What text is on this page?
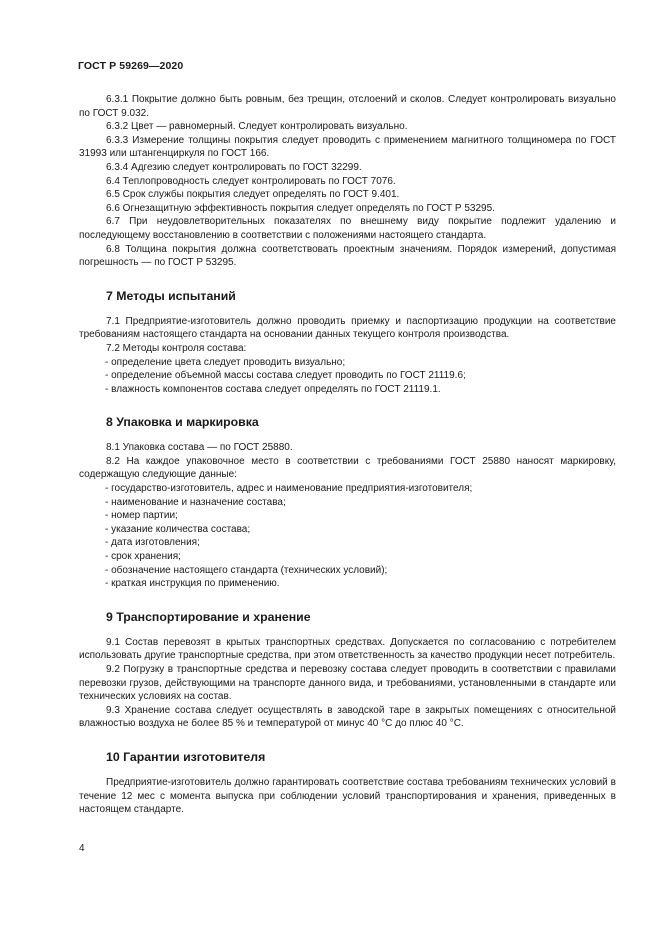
ГОСТ Р 59269—2020

6.3.1 Покрытие должно быть ровным, без трещин, отслоений и сколов. Следует контролировать визуально по ГОСТ 9.032.

6.3.2 Цвет — равномерный. Следует контролировать визуально.

6.3.3 Измерение толщины покрытия следует проводить с применением магнитного толщиномера по ГОСТ 31993 или штангенциркуля по ГОСТ 166.

6.3.4 Адгезию следует контролировать по ГОСТ 32299.

6.4 Теплопроводность следует контролировать по ГОСТ 7076.

6.5 Срок службы покрытия следует определять по ГОСТ 9.401.

6.6 Огнезащитную эффективность покрытия следует определять по ГОСТ Р 53295.

6.7 При неудовлетворительных показателях по внешнему виду покрытие подлежит удалению и последующему восстановлению в соответствии с положениями настоящего стандарта.

6.8 Толщина покрытия должна соответствовать проектным значениям. Порядок измерений, допустимая погрешность — по ГОСТ Р 53295.

7 Методы испытаний

7.1 Предприятие-изготовитель должно проводить приемку и паспортизацию продукции на соответствие требованиям настоящего стандарта на основании данных текущего контроля производства.

7.2 Методы контроля состава:

- определение цвета следует проводить визуально;

- определение объемной массы состава следует проводить по ГОСТ 21119.6;

- влажность компонентов состава следует определять по ГОСТ 21119.1.

8 Упаковка и маркировка

8.1 Упаковка состава — по ГОСТ 25880.

8.2 На каждое упаковочное место в соответствии с требованиями ГОСТ 25880 наносят маркировку, содержащую следующие данные:

- государство-изготовитель, адрес и наименование предприятия-изготовителя;

- наименование и назначение состава;

- номер партии;

- указание количества состава;

- дата изготовления;

- срок хранения;

- обозначение настоящего стандарта (технических условий);

- краткая инструкция по применению.

9 Транспортирование и хранение

9.1 Состав перевозят в крытых транспортных средствах. Допускается по согласованию с потребителем использовать другие транспортные средства, при этом ответственность за качество продукции несет потребитель.

9.2 Погрузку в транспортные средства и перевозку состава следует проводить в соответствии с правилами перевозки грузов, действующими на транспорте данного вида, и требованиями, установленными в стандарте или технических условиях на состав.

9.3 Хранение состава следует осуществлять в заводской таре в закрытых помещениях с относительной влажностью воздуха не более 85 % и температурой от минус 40 °С до плюс 40 °С.

10 Гарантии изготовителя

Предприятие-изготовитель должно гарантировать соответствие состава требованиям технических условий в течение 12 мес с момента выпуска при соблюдении условий транспортирования и хранения, приведенных в настоящем стандарте.

4
